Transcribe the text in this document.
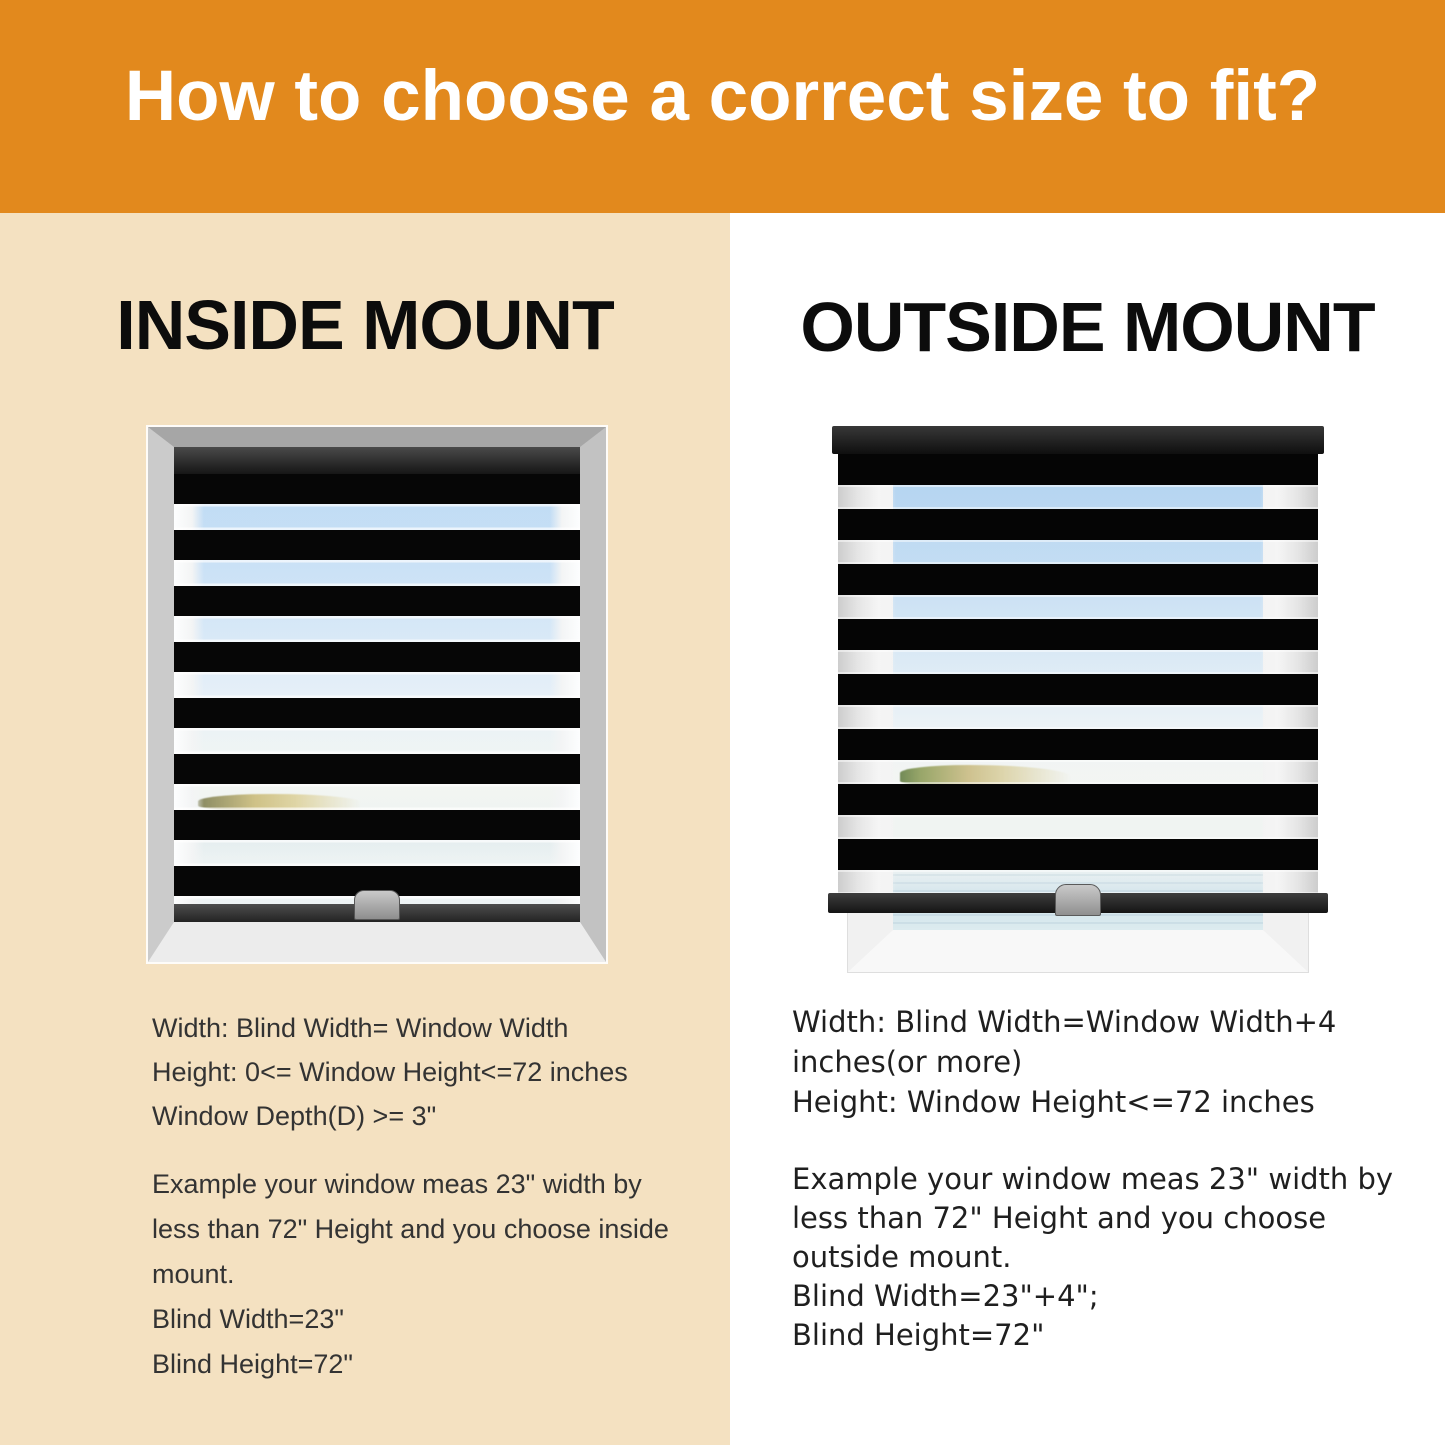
How to choose a correct size to fit?
INSIDE MOUNT	OUTSIDE MOUNT
Width: Blind Width= Window Width
Height: 0<= Window Height<=72 inches
Window Depth(D) >= 3"
Example your window meas 23" width by
less than 72" Height and you choose inside
mount.
Blind Width=23"
Blind Height=72"
Width: Blind Width=Window Width+4
inches(or more)
Height: Window Height<=72 inches
Example your window meas 23" width by
less than 72" Height and you choose
outside mount.
Blind Width=23"+4";
Blind Height=72"
